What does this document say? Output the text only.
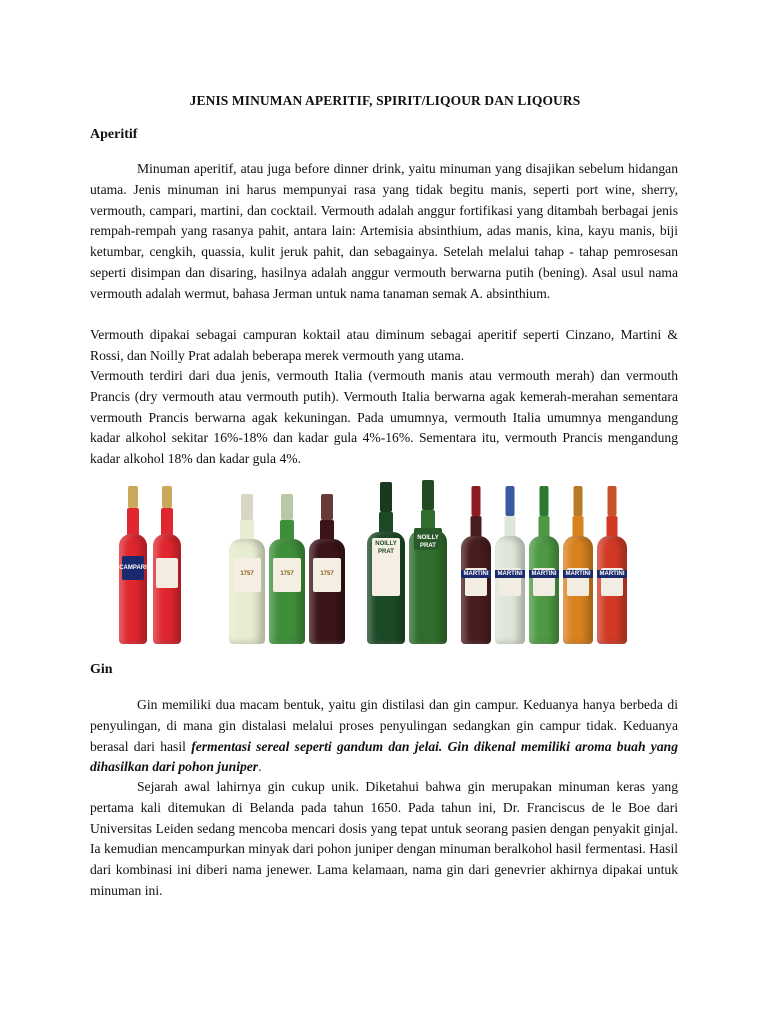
JENIS MINUMAN APERITIF, SPIRIT/LIQOUR DAN LIQOURS
Aperitif

Minuman aperitif, atau juga before dinner drink, yaitu minuman yang disajikan sebelum hidangan utama. Jenis minuman ini harus mempunyai rasa yang tidak begitu manis, seperti port wine, sherry, vermouth, campari, martini, dan cocktail. Vermouth adalah anggur fortifikasi yang ditambah berbagai jenis rempah-rempah yang rasanya pahit, antara lain: Artemisia absinthium, adas manis, kina, kayu manis, biji ketumbar, cengkih, quassia, kulit jeruk pahit, dan sebagainya. Setelah melalui tahap - tahap pemrosesan seperti disimpan dan disaring, hasilnya adalah anggur vermouth berwarna putih (bening). Asal usul nama vermouth adalah wermut, bahasa Jerman untuk nama tanaman semak A. absinthium.

Vermouth dipakai sebagai campuran koktail atau diminum sebagai aperitif seperti Cinzano, Martini & Rossi, dan Noilly Prat adalah beberapa merek vermouth yang utama.

Vermouth terdiri dari dua jenis, vermouth Italia (vermouth manis atau vermouth merah) dan vermouth Prancis (dry vermouth atau vermouth putih). Vermouth Italia berwarna agak kemerah-merahan sementara vermouth Prancis berwarna agak kekuningan. Pada umumnya, vermouth Italia umumnya mengandung kadar alkohol sekitar 16%-18% dan kadar gula 4%-16%. Sementara itu, vermouth Prancis mengandung kadar alkohol 18% dan kadar gula 4%.

CAMPARI
1757	1757	1757
NOILLY PRAT
NOILLY PRAT
MARTINI	MARTINI	MARTINI	MARTINI	MARTINI
Gin

Gin memiliki dua macam bentuk, yaitu gin distilasi dan gin campur. Keduanya hanya berbeda di penyulingan, di mana gin distalasi melalui proses penyulingan sedangkan gin campur tidak. Keduanya berasal dari hasil fermentasi sereal seperti gandum dan jelai. Gin dikenal memiliki aroma buah yang dihasilkan dari pohon juniper.

Sejarah awal lahirnya gin cukup unik. Diketahui bahwa gin merupakan minuman keras yang pertama kali ditemukan di Belanda pada tahun 1650. Pada tahun ini, Dr. Franciscus de le Boe dari Universitas Leiden sedang mencoba mencari dosis yang tepat untuk seorang pasien dengan penyakit ginjal. Ia kemudian mencampurkan minyak dari pohon juniper dengan minuman beralkohol hasil fermentasi. Hasil dari kombinasi ini diberi nama jenewer. Lama kelamaan, nama gin dari genevrier akhirnya dipakai untuk minuman ini.
